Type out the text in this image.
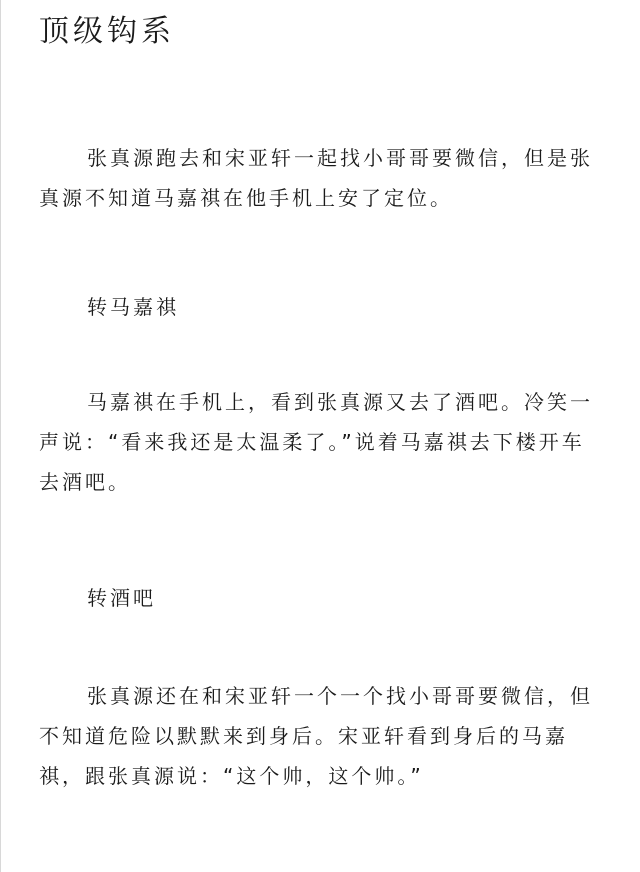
顶级钩系

张真源跑去和宋亚轩一起找小哥哥要微信，但是张真源不知道马嘉祺在他手机上安了定位。

转马嘉祺

马嘉祺在手机上，看到张真源又去了酒吧。冷笑一声说：“看来我还是太温柔了。”说着马嘉祺去下楼开车去酒吧。

转酒吧

张真源还在和宋亚轩一个一个找小哥哥要微信，但不知道危险以默默来到身后。宋亚轩看到身后的马嘉祺，跟张真源说：“这个帅，这个帅。”
